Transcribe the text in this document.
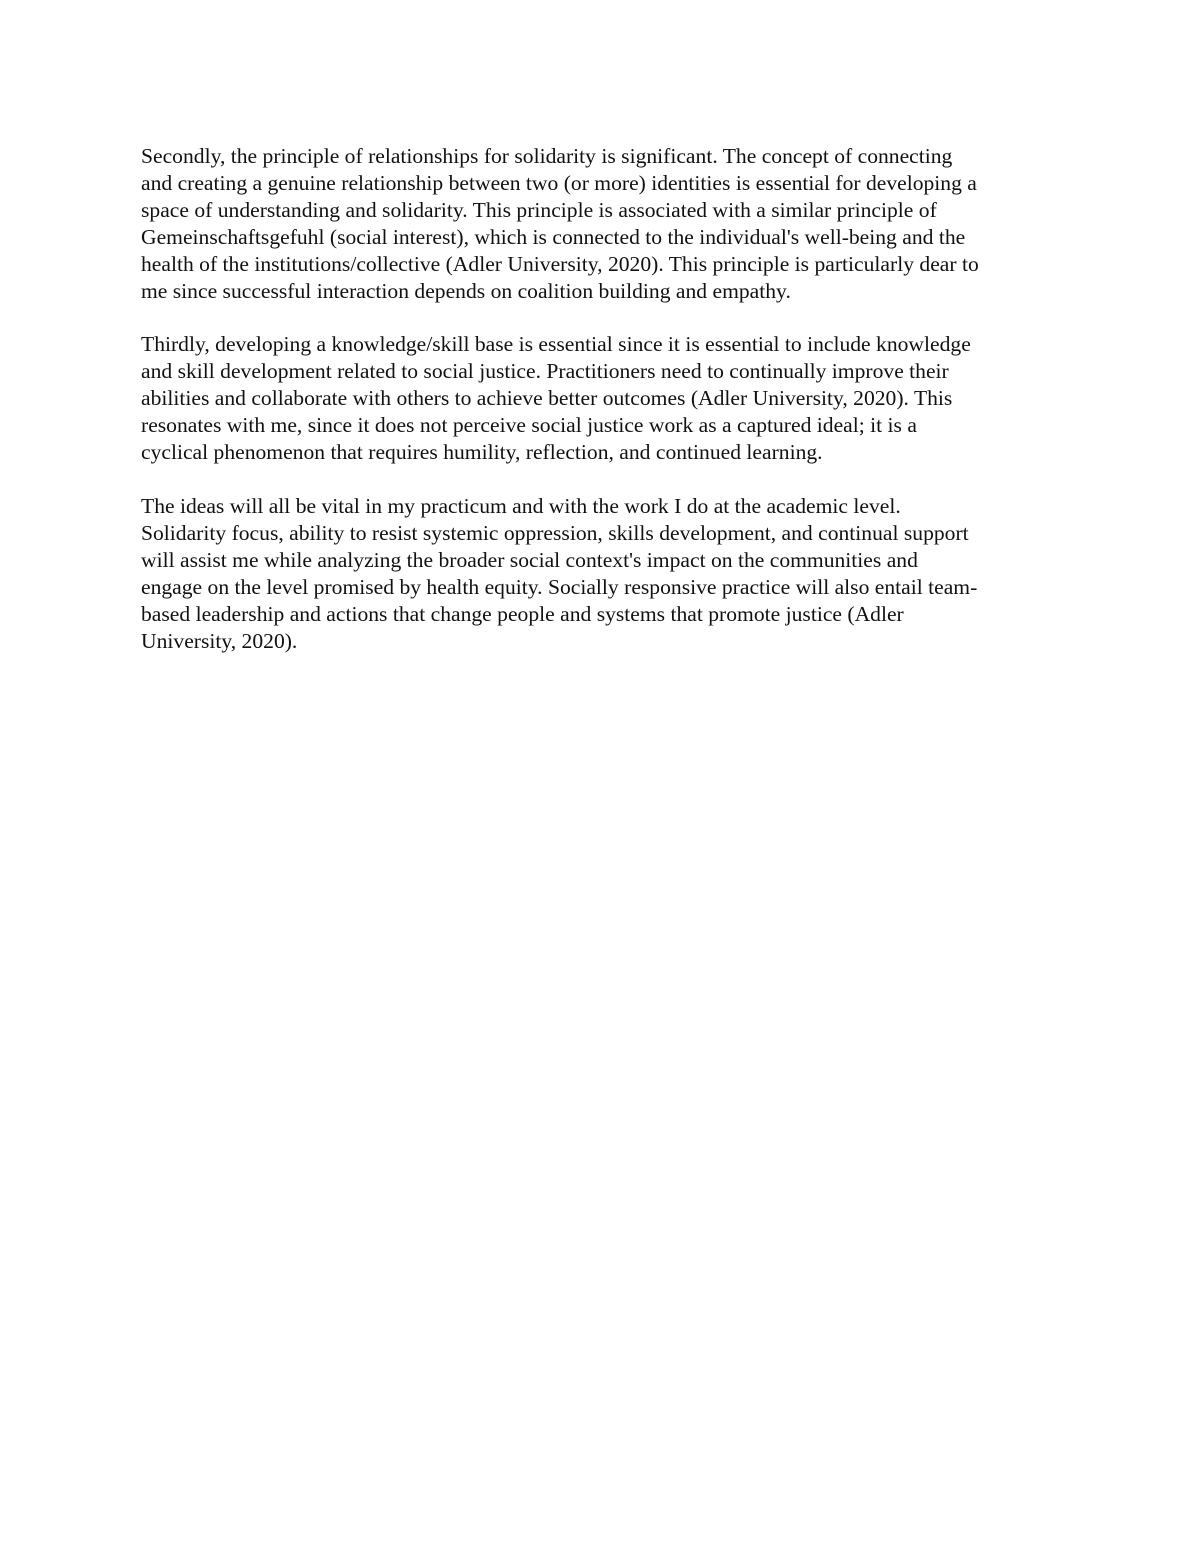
Secondly, the principle of relationships for solidarity is significant. The concept of connecting
and creating a genuine relationship between two (or more) identities is essential for developing a
space of understanding and solidarity. This principle is associated with a similar principle of
Gemeinschaftsgefuhl (social interest), which is connected to the individual's well-being and the
health of the institutions/collective (Adler University, 2020). This principle is particularly dear to
me since successful interaction depends on coalition building and empathy.

Thirdly, developing a knowledge/skill base is essential since it is essential to include knowledge
and skill development related to social justice. Practitioners need to continually improve their
abilities and collaborate with others to achieve better outcomes (Adler University, 2020). This
resonates with me, since it does not perceive social justice work as a captured ideal; it is a
cyclical phenomenon that requires humility, reflection, and continued learning.

The ideas will all be vital in my practicum and with the work I do at the academic level.
Solidarity focus, ability to resist systemic oppression, skills development, and continual support
will assist me while analyzing the broader social context's impact on the communities and
engage on the level promised by health equity. Socially responsive practice will also entail team-
based leadership and actions that change people and systems that promote justice (Adler
University, 2020).
